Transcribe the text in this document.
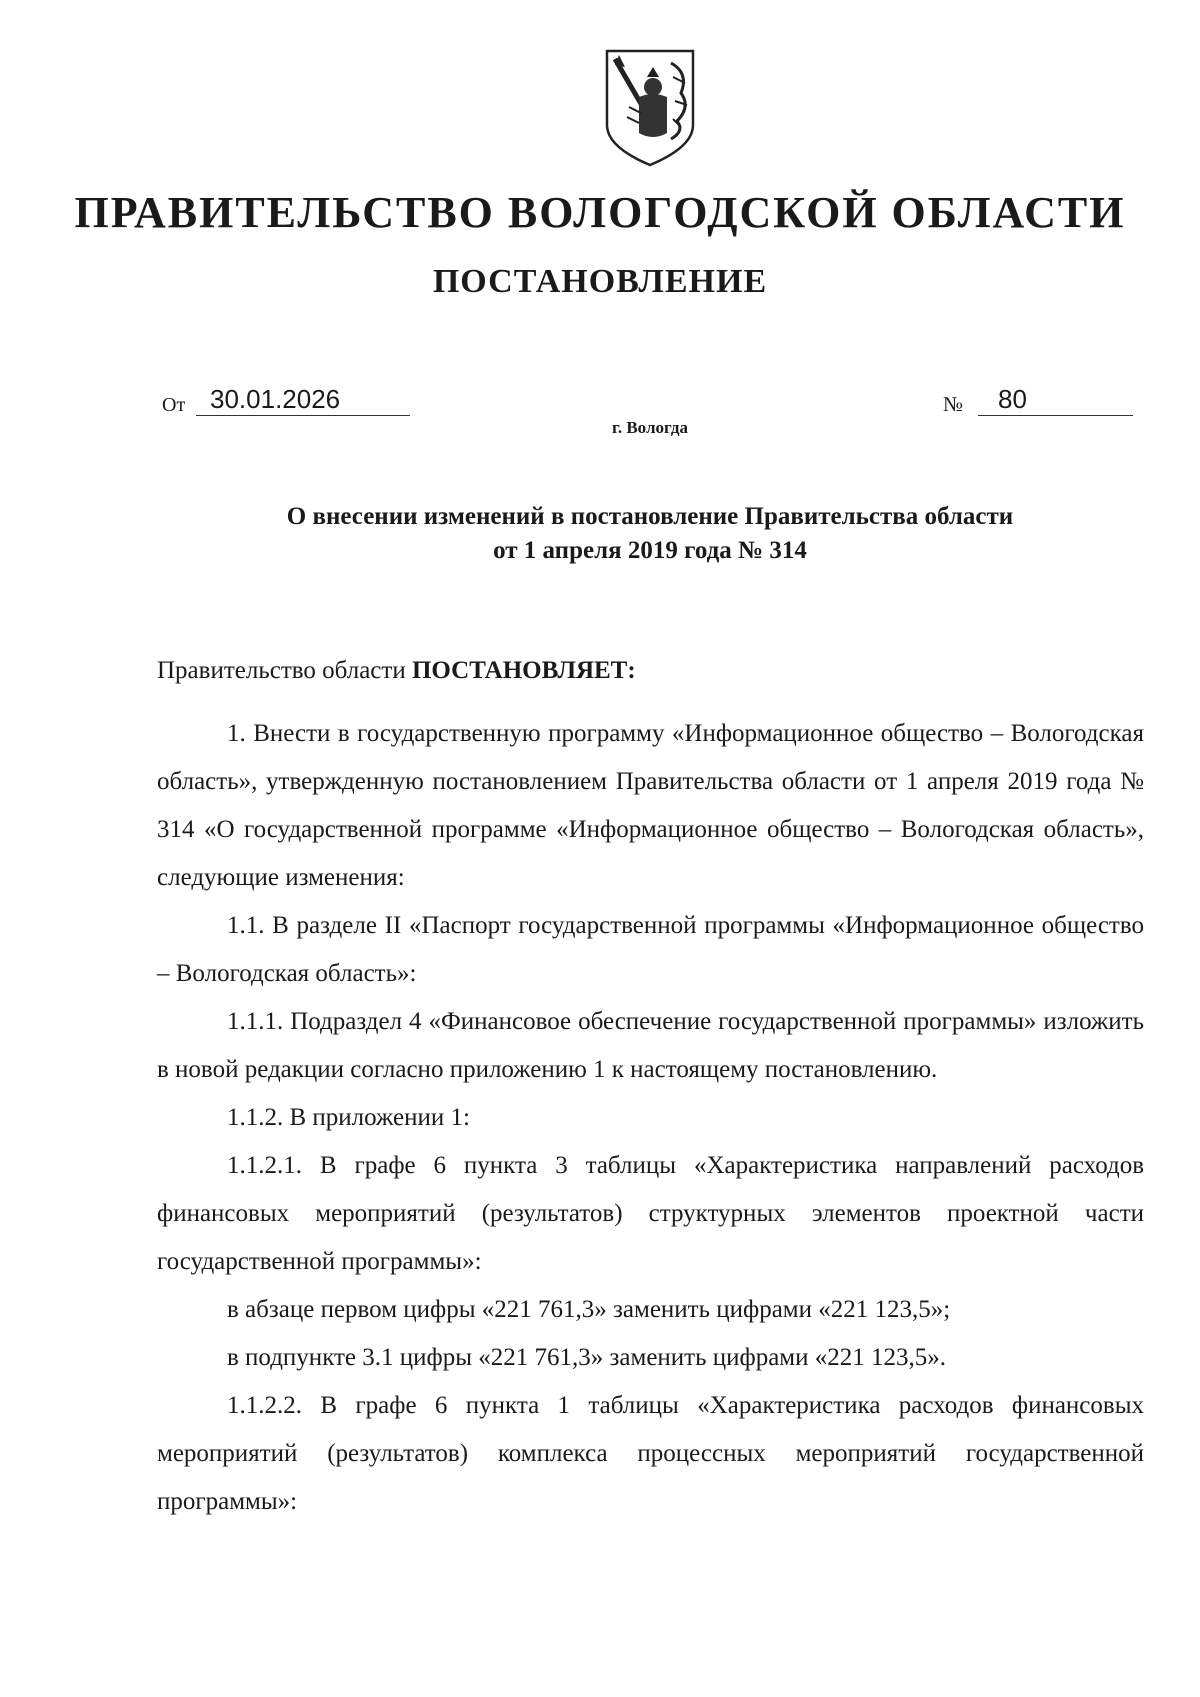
ПРАВИТЕЛЬСТВО ВОЛОГОДСКОЙ ОБЛАСТИ
ПОСТАНОВЛЕНИЕ
От 30.01.2026	№	80
г. Вологда
О внесении изменений в постановление Правительства области
от 1 апреля 2019 года № 314
Правительство области ПОСТАНОВЛЯЕТ:

1. Внести в государственную программу «Информационное общество – Вологодская область», утвержденную постановлением Правительства области от 1 апреля 2019 года № 314 «О государственной программе «Информационное общество – Вологодская область», следующие изменения:

1.1. В разделе II «Паспорт государственной программы «Информационное общество – Вологодская область»:

1.1.1. Подраздел 4 «Финансовое обеспечение государственной программы» изложить в новой редакции согласно приложению 1 к настоящему постановлению.

1.1.2. В приложении 1:

1.1.2.1. В графе 6 пункта 3 таблицы «Характеристика направлений расходов финансовых мероприятий (результатов) структурных элементов проектной части государственной программы»:

в абзаце первом цифры «221 761,3» заменить цифрами «221 123,5»;

в подпункте 3.1 цифры «221 761,3» заменить цифрами «221 123,5».

1.1.2.2. В графе 6 пункта 1 таблицы «Характеристика расходов финансовых мероприятий (результатов) комплекса процессных мероприятий государственной программы»:
